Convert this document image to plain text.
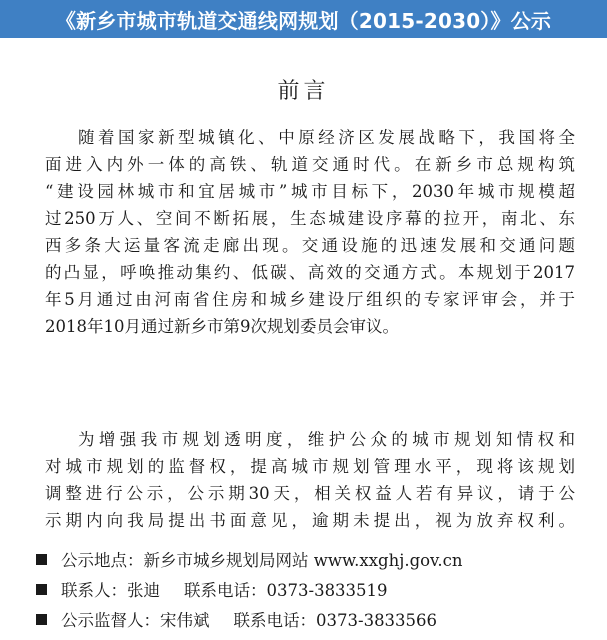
《新乡市城市轨道交通线网规划（2015-2030）》公示
前言
随着国家新型城镇化、中原经济区发展战略下，我国将全
面进入内外一体的高铁、轨道交通时代。在新乡市总规构筑
“建设园林城市和宜居城市”城市目标下，2030年城市规模超
过250万人、空间不断拓展，生态城建设序幕的拉开，南北、东
西多条大运量客流走廊出现。交通设施的迅速发展和交通问题
的凸显，呼唤推动集约、低碳、高效的交通方式。本规划于2017
年5月通过由河南省住房和城乡建设厅组织的专家评审会，并于
2018年10月通过新乡市第9次规划委员会审议。
为增强我市规划透明度，维护公众的城市规划知情权和
对城市规划的监督权，提高城市规划管理水平，现将该规划
调整进行公示，公示期30天，相关权益人若有异议，请于公
示期内向我局提出书面意见，逾期未提出，视为放弃权利。
公示地点：新乡市城乡规划局网站 www.xxghj.gov.cn
联系人：张迪 联系电话：0373-3833519
公示监督人：宋伟斌 联系电话：0373-3833566
